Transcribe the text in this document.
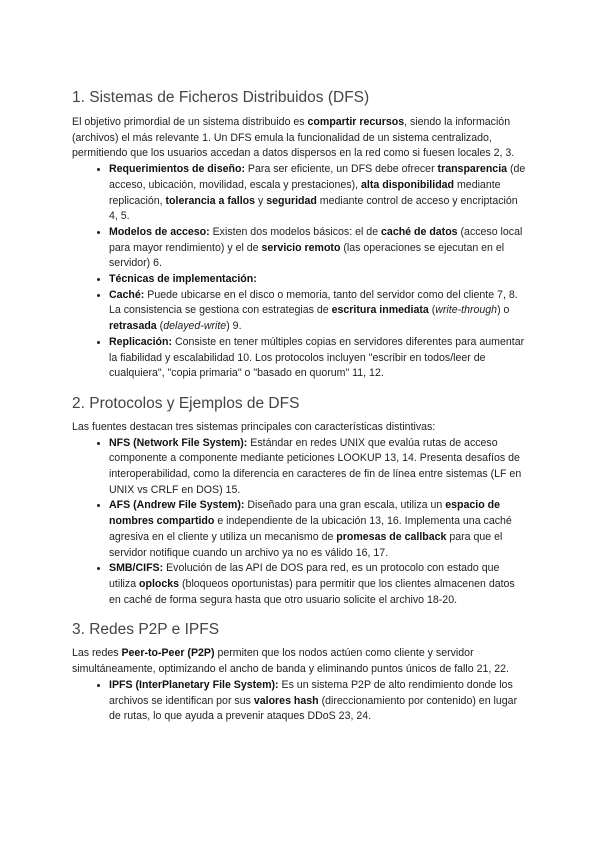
1. Sistemas de Ficheros Distribuidos (DFS)

El objetivo primordial de un sistema distribuido es compartir recursos, siendo la información (archivos) el más relevante 1. Un DFS emula la funcionalidad de un sistema centralizado, permitiendo que los usuarios accedan a datos dispersos en la red como si fuesen locales 2, 3.

• Requerimientos de diseño: Para ser eficiente, un DFS debe ofrecer transparencia (de acceso, ubicación, movilidad, escala y prestaciones), alta disponibilidad mediante replicación, tolerancia a fallos y seguridad mediante control de acceso y encriptación 4, 5.
• Modelos de acceso: Existen dos modelos básicos: el de caché de datos (acceso local para mayor rendimiento) y el de servicio remoto (las operaciones se ejecutan en el servidor) 6.
• Técnicas de implementación:
• Caché: Puede ubicarse en el disco o memoria, tanto del servidor como del cliente 7, 8. La consistencia se gestiona con estrategias de escritura inmediata (write-through) o retrasada (delayed-write) 9.
• Replicación: Consiste en tener múltiples copias en servidores diferentes para aumentar la fiabilidad y escalabilidad 10. Los protocolos incluyen "escribir en todos/leer de cualquiera", "copia primaria" o "basado en quorum" 11, 12.
2. Protocolos y Ejemplos de DFS

Las fuentes destacan tres sistemas principales con características distintivas:

• NFS (Network File System): Estándar en redes UNIX que evalúa rutas de acceso componente a componente mediante peticiones LOOKUP 13, 14. Presenta desafíos de interoperabilidad, como la diferencia en caracteres de fin de línea entre sistemas (LF en UNIX vs CRLF en DOS) 15.
• AFS (Andrew File System): Diseñado para una gran escala, utiliza un espacio de nombres compartido e independiente de la ubicación 13, 16. Implementa una caché agresiva en el cliente y utiliza un mecanismo de promesas de callback para que el servidor notifique cuando un archivo ya no es válido 16, 17.
• SMB/CIFS: Evolución de las API de DOS para red, es un protocolo con estado que utiliza oplocks (bloqueos oportunistas) para permitir que los clientes almacenen datos en caché de forma segura hasta que otro usuario solicite el archivo 18-20.
3. Redes P2P e IPFS

Las redes Peer-to-Peer (P2P) permiten que los nodos actúen como cliente y servidor simultáneamente, optimizando el ancho de banda y eliminando puntos únicos de fallo 21, 22.

• IPFS (InterPlanetary File System): Es un sistema P2P de alto rendimiento donde los archivos se identifican por sus valores hash (direccionamiento por contenido) en lugar de rutas, lo que ayuda a prevenir ataques DDoS 23, 24.
